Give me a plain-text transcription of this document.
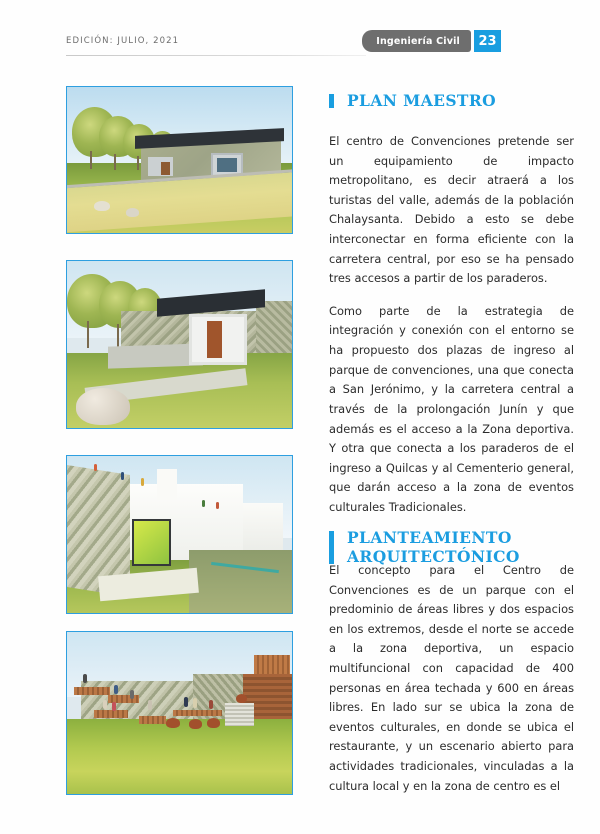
EDICIÓN: JULIO, 2021	Ingeniería Civil	23
PLAN MAESTRO

El centro de Convenciones pretende ser un equipamiento de impacto metropolitano, es decir atraerá a los turistas del valle, además de la población Chalaysanta. Debido a esto se debe interconectar en forma eficiente con la carretera central, por eso se ha pensado tres accesos a partir de los paraderos.

Como parte de la estrategia de integración y conexión con el entorno se ha propuesto dos plazas de ingreso al parque de convenciones, una que conecta a San Jerónimo, y la carretera central a través de la prolongación Junín y que además es el acceso a la Zona deportiva. Y otra que conecta a los paraderos de el ingreso a Quilcas y al Cementerio general, que darán acceso a la zona de eventos culturales Tradicionales.

PLANTEAMIENTO ARQUITECTÓNICO

El concepto para el Centro de Convenciones es de un parque con el predominio de áreas libres y dos espacios en los extremos, desde el norte se accede a la zona deportiva, un espacio multifuncional con capacidad de 400 personas en área techada y 600 en áreas libres. En lado sur se ubica la zona de eventos culturales, en donde se ubica el restaurante, y un escenario abierto para actividades tradicionales, vinculadas a la cultura local y en la zona de centro es el
